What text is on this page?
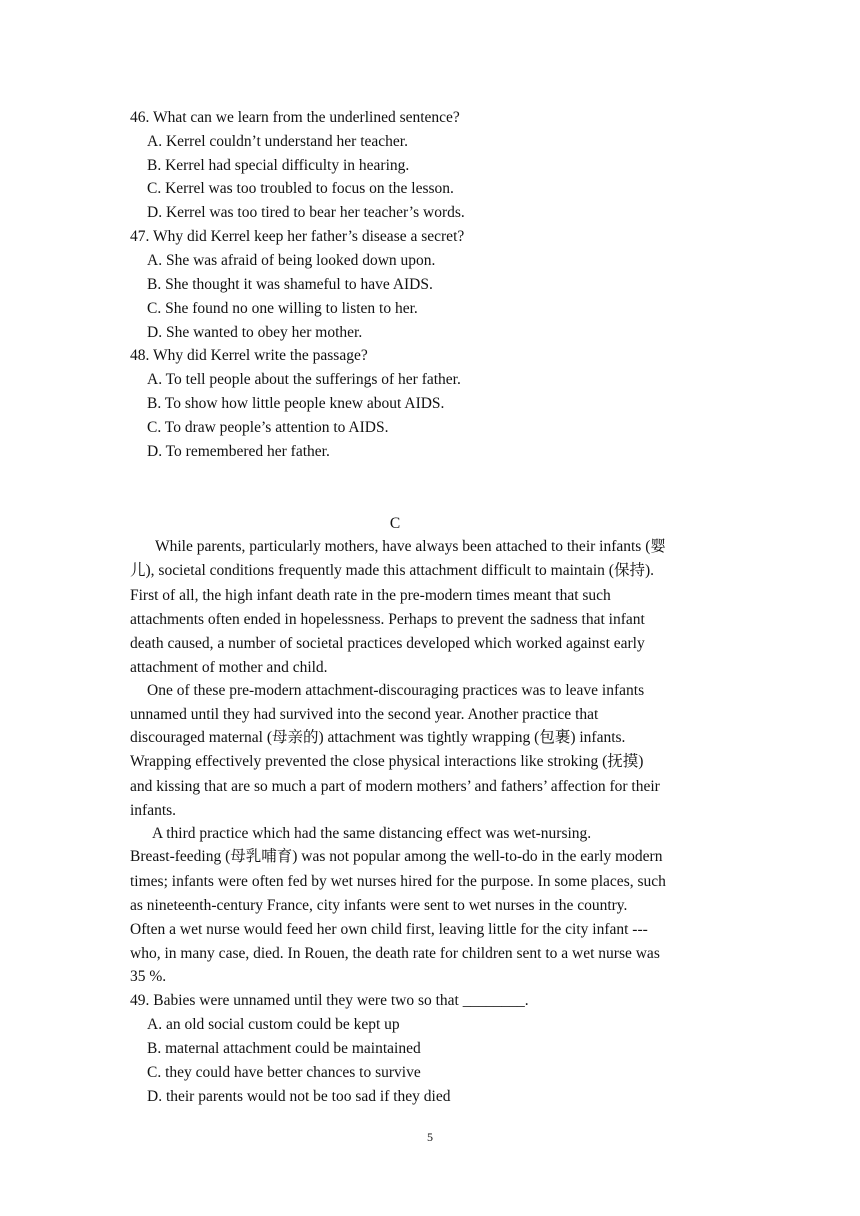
46. What can we learn from the underlined sentence?
A. Kerrel couldn’t understand her teacher.
B. Kerrel had special difficulty in hearing.
C. Kerrel was too troubled to focus on the lesson.
D. Kerrel was too tired to bear her teacher’s words.
47. Why did Kerrel keep her father’s disease a secret?
A. She was afraid of being looked down upon.
B. She thought it was shameful to have AIDS.
C. She found no one willing to listen to her.
D. She wanted to obey her mother.
48. Why did Kerrel write the passage?
A. To tell people about the sufferings of her father.
B. To show how little people knew about AIDS.
C. To draw people’s attention to AIDS.
D. To remembered her father.
C
While parents, particularly mothers, have always been attached to their infants (婴
儿), societal conditions frequently made this attachment difficult to maintain (保持).
First of all, the high infant death rate in the pre-modern times meant that such
attachments often ended in hopelessness. Perhaps to prevent the sadness that infant
death caused, a number of societal practices developed which worked against early
attachment of mother and child.
One of these pre-modern attachment-discouraging practices was to leave infants
unnamed until they had survived into the second year. Another practice that
discouraged maternal (母亲的) attachment was tightly wrapping (包裹) infants.
Wrapping effectively prevented the close physical interactions like stroking (抚摸)
and kissing that are so much a part of modern mothers’ and fathers’ affection for their
infants.
A third practice which had the same distancing effect was wet-nursing.
Breast-feeding (母乳哺育) was not popular among the well-to-do in the early modern
times; infants were often fed by wet nurses hired for the purpose. In some places, such
as nineteenth-century France, city infants were sent to wet nurses in the country.
Often a wet nurse would feed her own child first, leaving little for the city infant ---
who, in many case, died. In Rouen, the death rate for children sent to a wet nurse was
35 %.
49. Babies were unnamed until they were two so that ________.
A. an old social custom could be kept up
B. maternal attachment could be maintained
C. they could have better chances to survive
D. their parents would not be too sad if they died
5
